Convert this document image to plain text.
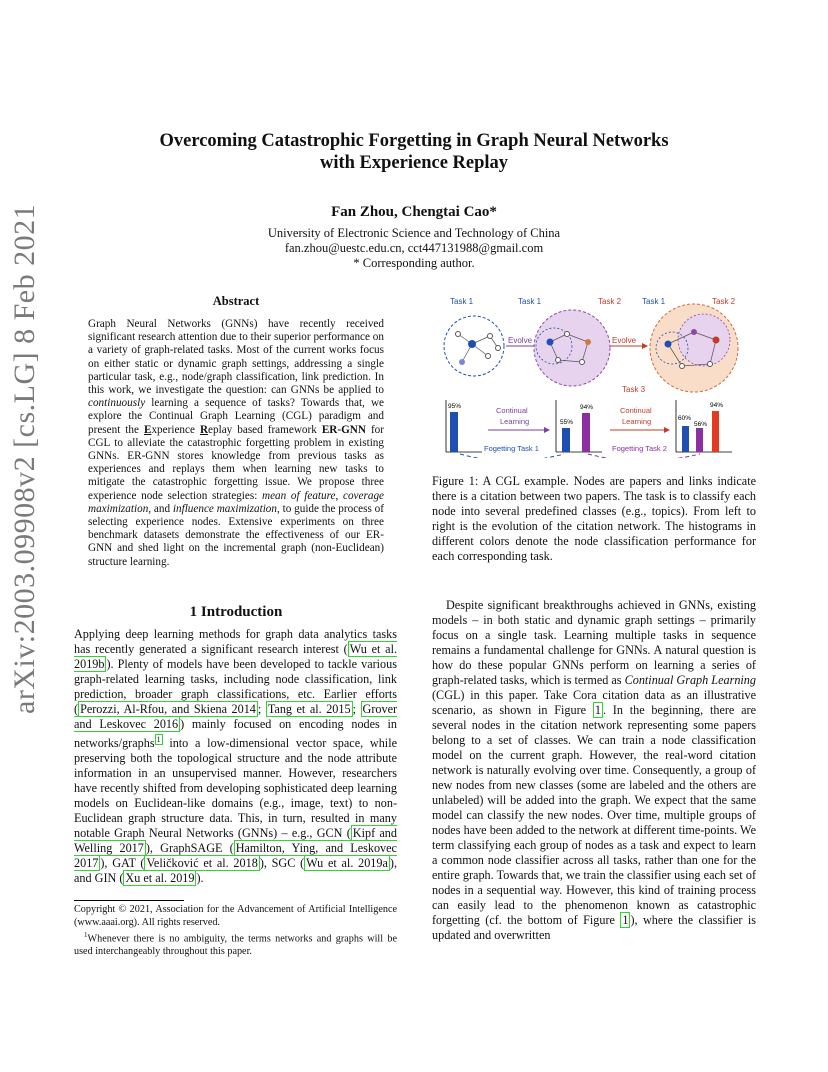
arXiv:2003.09908v2 [cs.LG] 8 Feb 2021
Overcoming Catastrophic Forgetting in Graph Neural Networks
with Experience Replay
Fan Zhou, Chengtai Cao*
University of Electronic Science and Technology of China
fan.zhou@uestc.edu.cn, cct447131988@gmail.com
* Corresponding author.
Abstract
Graph Neural Networks (GNNs) have recently received significant research attention due to their superior performance on a variety of graph-related tasks. Most of the current works focus on either static or dynamic graph settings, addressing a single particular task, e.g., node/graph classification, link prediction. In this work, we investigate the question: can GNNs be applied to continuously learning a sequence of tasks? Towards that, we explore the Continual Graph Learning (CGL) paradigm and present the Experience Replay based framework ER-GNN for CGL to alleviate the catastrophic forgetting problem in existing GNNs. ER-GNN stores knowledge from previous tasks as experiences and replays them when learning new tasks to mitigate the catastrophic forgetting issue. We propose three experience node selection strategies: mean of feature, coverage maximization, and influence maximization, to guide the process of selecting experience nodes. Extensive experiments on three benchmark datasets demonstrate the effectiveness of our ER-GNN and shed light on the incremental graph (non-Euclidean) structure learning.
1 Introduction
Applying deep learning methods for graph data analytics tasks has recently generated a significant research interest ( Wu et al. 2019b ). Plenty of models have been developed to tackle various graph-related learning tasks, including node classification, link prediction, broader graph classifications, etc. Earlier efforts ( Perozzi, Al-Rfou, and Skiena 2014 ; Tang et al. 2015 ; Grover and Leskovec 2016 ) mainly focused on encoding nodes in networks/graphs $^1$ into a low-dimensional vector space, while preserving both the topological structure and the node attribute information in an unsupervised manner. However, researchers have recently shifted from developing sophisticated deep learning models on Euclidean-like domains (e.g., image, text) to non-Euclidean graph structure data. This, in turn, resulted in many notable Graph Neural Networks (GNNs) – e.g., GCN ( Kipf and Welling 2017 ), GraphSAGE ( Hamilton, Ying, and Leskovec 2017 ), GAT ( Veličković et al. 2018 ), SGC ( Wu et al. 2019a ), and GIN ( Xu et al. 2019 ).
Copyright © 2021, Association for the Advancement of Artificial Intelligence (www.aaai.org). All rights reserved.
$^1$Whenever there is no ambiguity, the terms networks and graphs will be used interchangeably throughout this paper.
Task 1	Task 1	Task 2	Task 1	Task 2
Task 3
Evolve	Evolve
95%	Continual
Learning	55%
94%	Continual
Learning	60%
56%
94%
Fogetting Task 1	Fogetting Task 2
Figure 1: A CGL example. Nodes are papers and links indicate there is a citation between two papers. The task is to classify each node into several predefined classes (e.g., topics). From left to right is the evolution of the citation network. The histograms in different colors denote the node classification performance for each corresponding task.

Despite significant breakthroughs achieved in GNNs, existing models – in both static and dynamic graph settings – primarily focus on a single task. Learning multiple tasks in sequence remains a fundamental challenge for GNNs. A natural question is how do these popular GNNs perform on learning a series of graph-related tasks, which is termed as Continual Graph Learning (CGL) in this paper. Take Cora citation data as an illustrative scenario, as shown in Figure 1 . In the beginning, there are several nodes in the citation network representing some papers belong to a set of classes. We can train a node classification model on the current graph. However, the real-word citation network is naturally evolving over time. Consequently, a group of new nodes from new classes (some are labeled and the others are unlabeled) will be added into the graph. We expect that the same model can classify the new nodes. Over time, multiple groups of nodes have been added to the network at different time-points. We term classifying each group of nodes as a task and expect to learn a common node classifier across all tasks, rather than one for the entire graph. Towards that, we train the classifier using each set of nodes in a sequential way. However, this kind of training process can easily lead to the phenomenon known as catastrophic forgetting (cf. the bottom of Figure 1 ), where the classifier is updated and overwritten
